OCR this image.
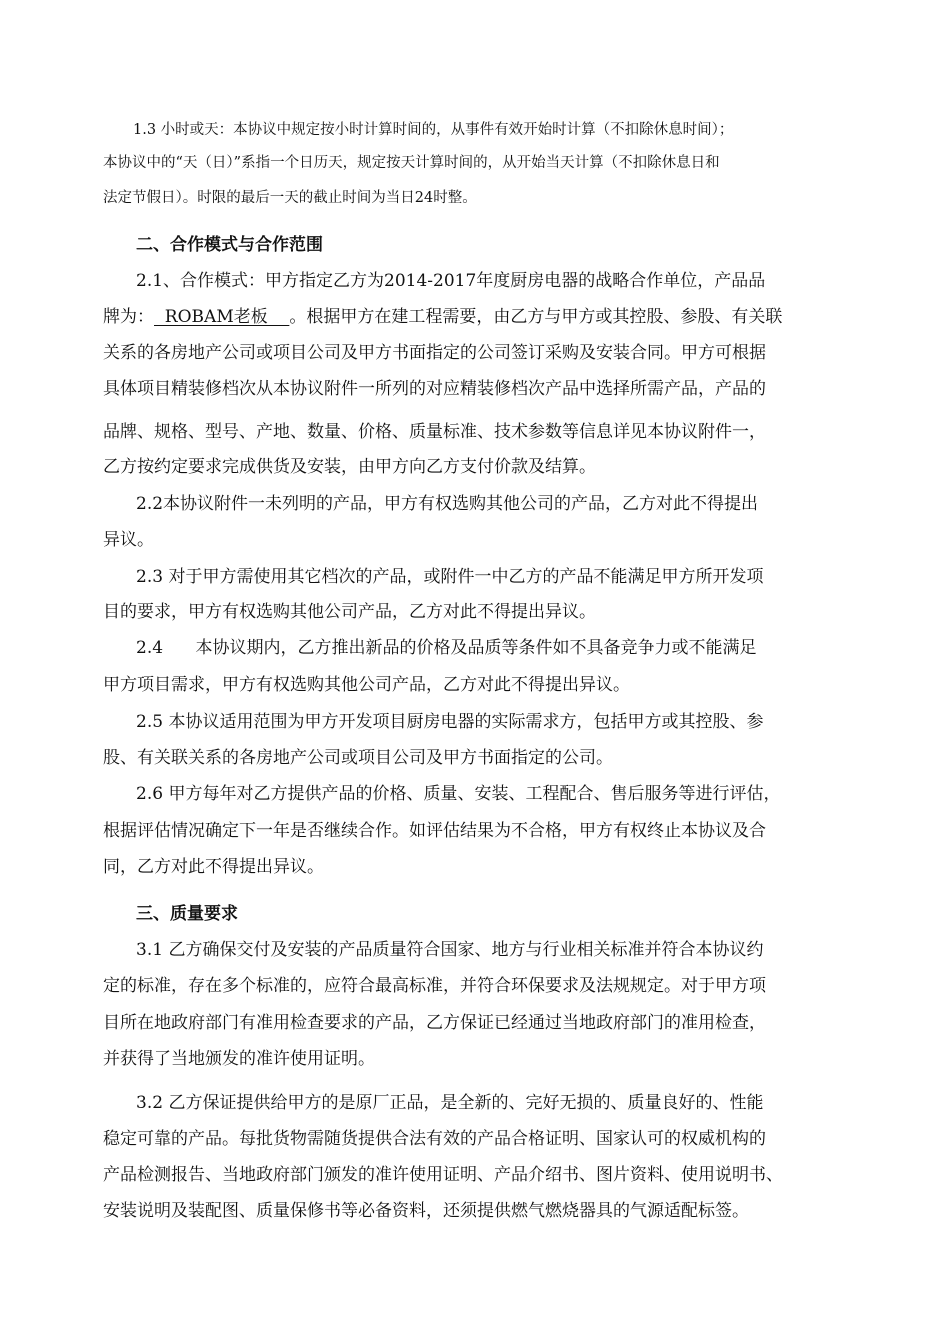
1.3 小时或天：本协议中规定按小时计算时间的，从事件有效开始时计算（不扣除休息时间）；
本协议中的“天（日）”系指一个日历天，规定按天计算时间的，从开始当天计算（不扣除休息日和
法定节假日）。时限的最后一天的截止时间为当日24时整。
二、合作模式与合作范围
2.1、合作模式：甲方指定乙方为2014-2017年度厨房电器的战略合作单位，产品品
牌为：  ROBAM老板    。根据甲方在建工程需要，由乙方与甲方或其控股、参股、有关联
关系的各房地产公司或项目公司及甲方书面指定的公司签订采购及安装合同。甲方可根据
具体项目精装修档次从本协议附件一所列的对应精装修档次产品中选择所需产品，产品的
品牌、规格、型号、产地、数量、价格、质量标准、技术参数等信息详见本协议附件一，
乙方按约定要求完成供货及安装，由甲方向乙方支付价款及结算。
2.2本协议附件一未列明的产品，甲方有权选购其他公司的产品，乙方对此不得提出
异议。
2.3 对于甲方需使用其它档次的产品，或附件一中乙方的产品不能满足甲方所开发项
目的要求，甲方有权选购其他公司产品，乙方对此不得提出异议。
2.4      本协议期内，乙方推出新品的价格及品质等条件如不具备竞争力或不能满足
甲方项目需求，甲方有权选购其他公司产品，乙方对此不得提出异议。
2.5 本协议适用范围为甲方开发项目厨房电器的实际需求方，包括甲方或其控股、参
股、有关联关系的各房地产公司或项目公司及甲方书面指定的公司。
2.6 甲方每年对乙方提供产品的价格、质量、安装、工程配合、售后服务等进行评估，
根据评估情况确定下一年是否继续合作。如评估结果为不合格，甲方有权终止本协议及合
同，乙方对此不得提出异议。
三、质量要求
3.1 乙方确保交付及安装的产品质量符合国家、地方与行业相关标准并符合本协议约
定的标准，存在多个标准的，应符合最高标准，并符合环保要求及法规规定。对于甲方项
目所在地政府部门有准用检查要求的产品，乙方保证已经通过当地政府部门的准用检查，
并获得了当地颁发的准许使用证明。
3.2 乙方保证提供给甲方的是原厂正品，是全新的、完好无损的、质量良好的、性能
稳定可靠的产品。每批货物需随货提供合法有效的产品合格证明、国家认可的权威机构的
产品检测报告、当地政府部门颁发的准许使用证明、产品介绍书、图片资料、使用说明书、
安装说明及装配图、质量保修书等必备资料，还须提供燃气燃烧器具的气源适配标签。
